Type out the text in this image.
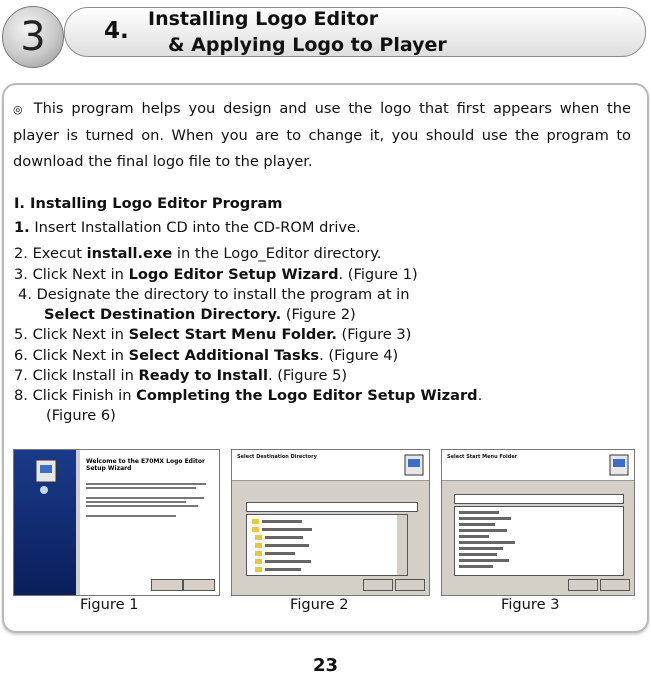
3	4. Installing Logo Editor
& Applying Logo to Player
◎ This program helps you design and use the logo that first appears when the player is turned on. When you are to change it, you should use the program to download the final logo file to the player.
I. Installing Logo Editor Program
1. Insert Installation CD into the CD-ROM drive.
2. Execut install.exe in the Logo_Editor directory.
3. Click Next in Logo Editor Setup Wizard. (Figure 1)
4. Designate the directory to install the program at in
Select Destination Directory. (Figure 2)
5. Click Next in Select Start Menu Folder. (Figure 3)
6. Click Next in Select Additional Tasks. (Figure 4)
7. Click Install in Ready to Install. (Figure 5)
8. Click Finish in Completing the Logo Editor Setup Wizard.
(Figure 6)
Welcome to the E70MX Logo Editor Setup Wizard
Select Destination Directory	Select Start Menu Folder
Figure 1	Figure 2	Figure 3
23
